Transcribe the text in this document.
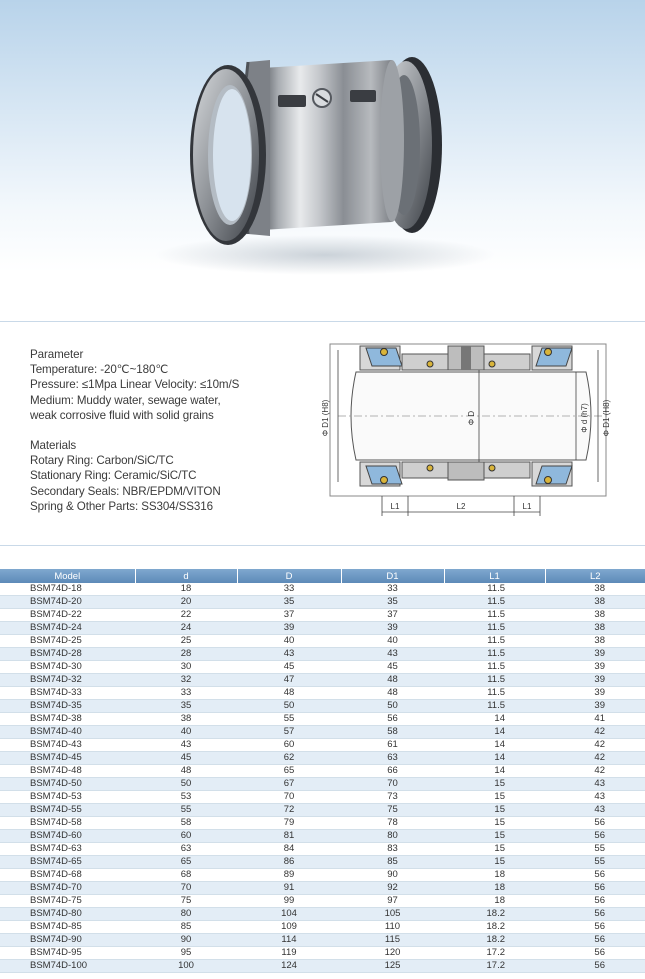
Parameter
Temperature: -20℃~180℃
Pressure: ≤1Mpa Linear Velocity: ≤10m/S
Medium: Muddy water, sewage water,
weak corrosive fluid with solid grains
Materials
Rotary Ring: Carbon/SiC/TC
Stationary Ring: Ceramic/SiC/TC
Secondary Seals: NBR/EPDM/VITON
Spring & Other Parts: SS304/SS316
Φ D1 (H8)	Φ D	Φ d (h7) Φ D1 (H8)
L1	L2	L1
Model	d	D	D1	L1	L2
BSM74D-18	18	33	33	11.5	38
BSM74D-20	20	35	35	11.5	38
BSM74D-22	22	37	37	11.5	38
BSM74D-24	24	39	39	11.5	38
BSM74D-25	25	40	40	11.5	38
BSM74D-28	28	43	43	11.5	39
BSM74D-30	30	45	45	11.5	39
BSM74D-32	32	47	48	11.5	39
BSM74D-33	33	48	48	11.5	39
BSM74D-35	35	50	50	11.5	39
BSM74D-38	38	55	56	14	41
BSM74D-40	40	57	58	14	42
BSM74D-43	43	60	61	14	42
BSM74D-45	45	62	63	14	42
BSM74D-48	48	65	66	14	42
BSM74D-50	50	67	70	15	43
BSM74D-53	53	70	73	15	43
BSM74D-55	55	72	75	15	43
BSM74D-58	58	79	78	15	56
BSM74D-60	60	81	80	15	56
BSM74D-63	63	84	83	15	55
BSM74D-65	65	86	85	15	55
BSM74D-68	68	89	90	18	56
BSM74D-70	70	91	92	18	56
BSM74D-75	75	99	97	18	56
BSM74D-80	80	104	105	18.2	56
BSM74D-85	85	109	110	18.2	56
BSM74D-90	90	114	115	18.2	56
BSM74D-95	95	119	120	17.2	56
BSM74D-100	100	124	125	17.2	56
